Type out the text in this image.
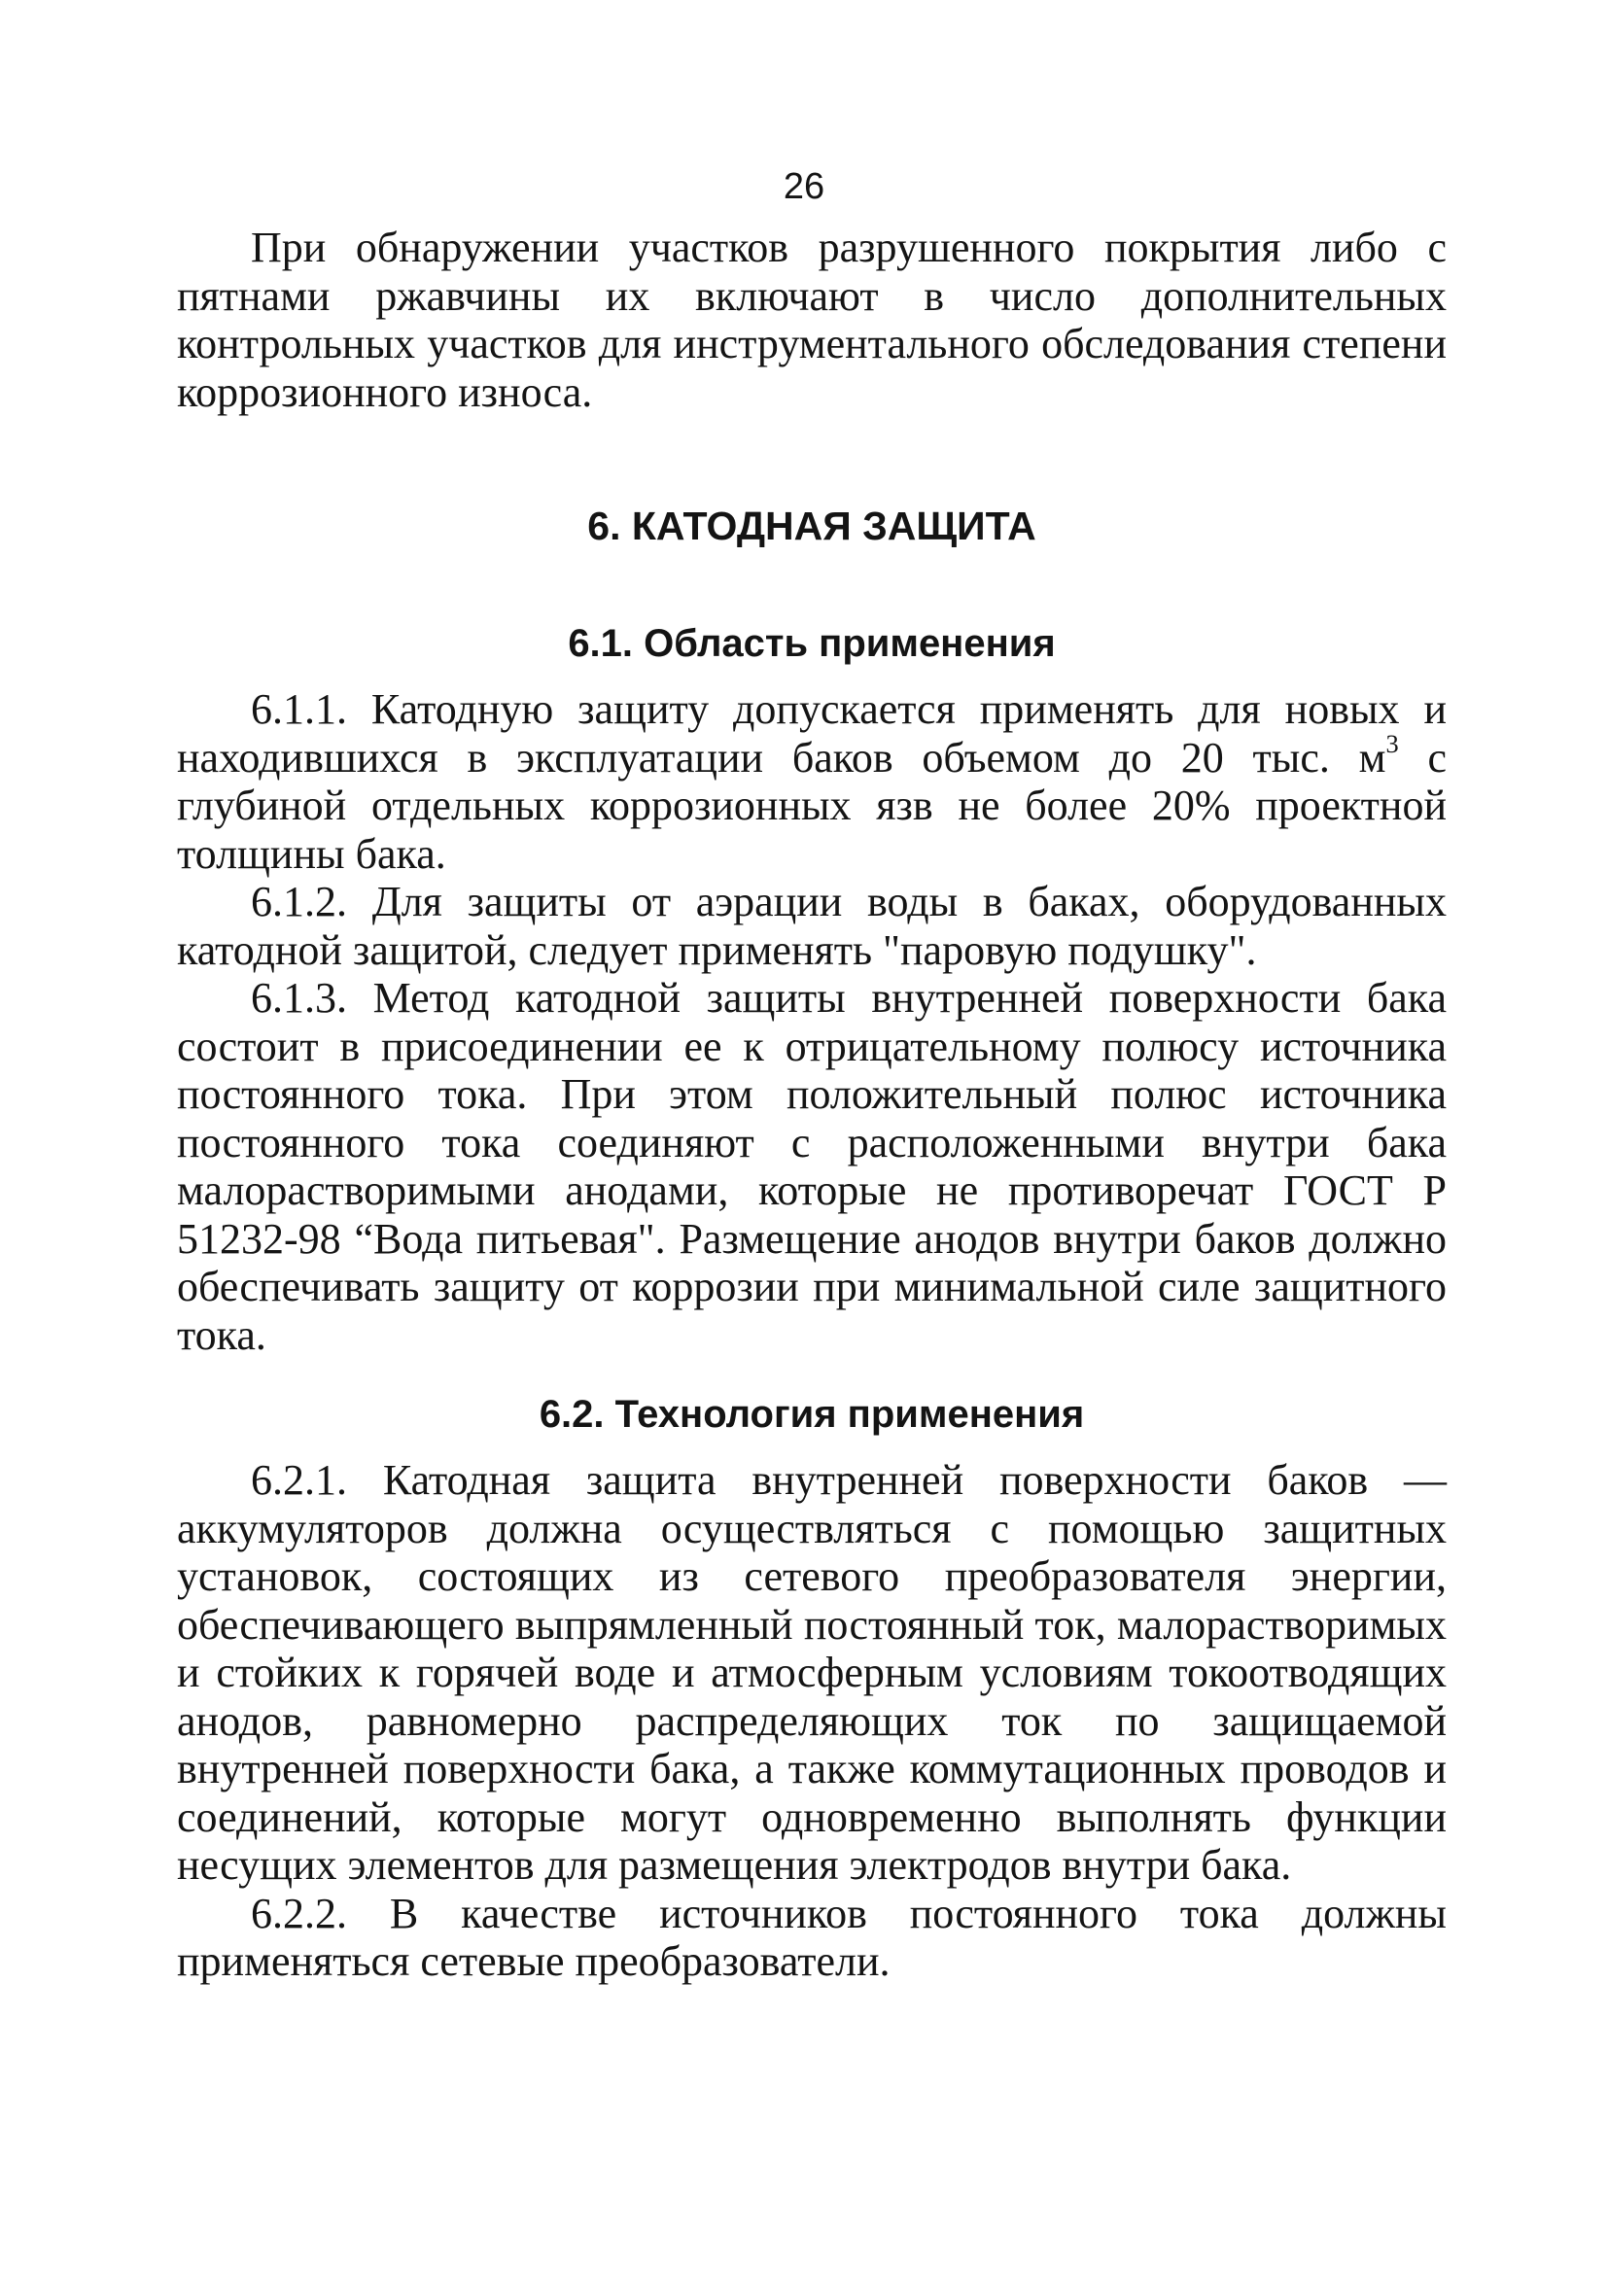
26

При обнаружении участков разрушенного покрытия либо с пятнами ржавчины их включают в число дополнительных контрольных участков для инструментального обследования степени коррозионного износа.

6. КАТОДНАЯ ЗАЩИТА
6.1. Область применения

6.1.1. Катодную защиту допускается применять для новых и находившихся в эксплуатации баков объемом до 20 тыс. $м^3$ с глубиной отдельных коррозионных язв не более 20% проектной толщины бака.

6.1.2. Для защиты от аэрации воды в баках, оборудованных катодной защитой, следует применять "паровую подушку".

6.1.3. Метод катодной защиты внутренней поверхности бака состоит в присоединении ее к отрицательному полюсу источника постоянного тока. При этом положительный полюс источника постоянного тока соединяют с расположенными внутри бака малорастворимыми анодами, которые не противоречат ГОСТ Р 51232-98 “Вода питьевая". Размещение анодов внутри баков должно обеспечивать защиту от коррозии при минимальной силе защитного тока.

6.2. Технология применения

6.2.1. Катодная защита внутренней поверхности баков — аккумуляторов должна осуществляться с помощью защитных установок, состоящих из сетевого преобразователя энергии, обеспечивающего выпрямленный постоянный ток, малорастворимых и стойких к горячей воде и атмосферным условиям токоотводящих анодов, равномерно распределяющих ток по защищаемой внутренней поверхности бака, а также коммутационных проводов и соединений, которые могут одновременно выполнять функции несущих элементов для размещения электродов внутри бака.

6.2.2. В качестве источников постоянного тока должны применяться сетевые преобразователи.
